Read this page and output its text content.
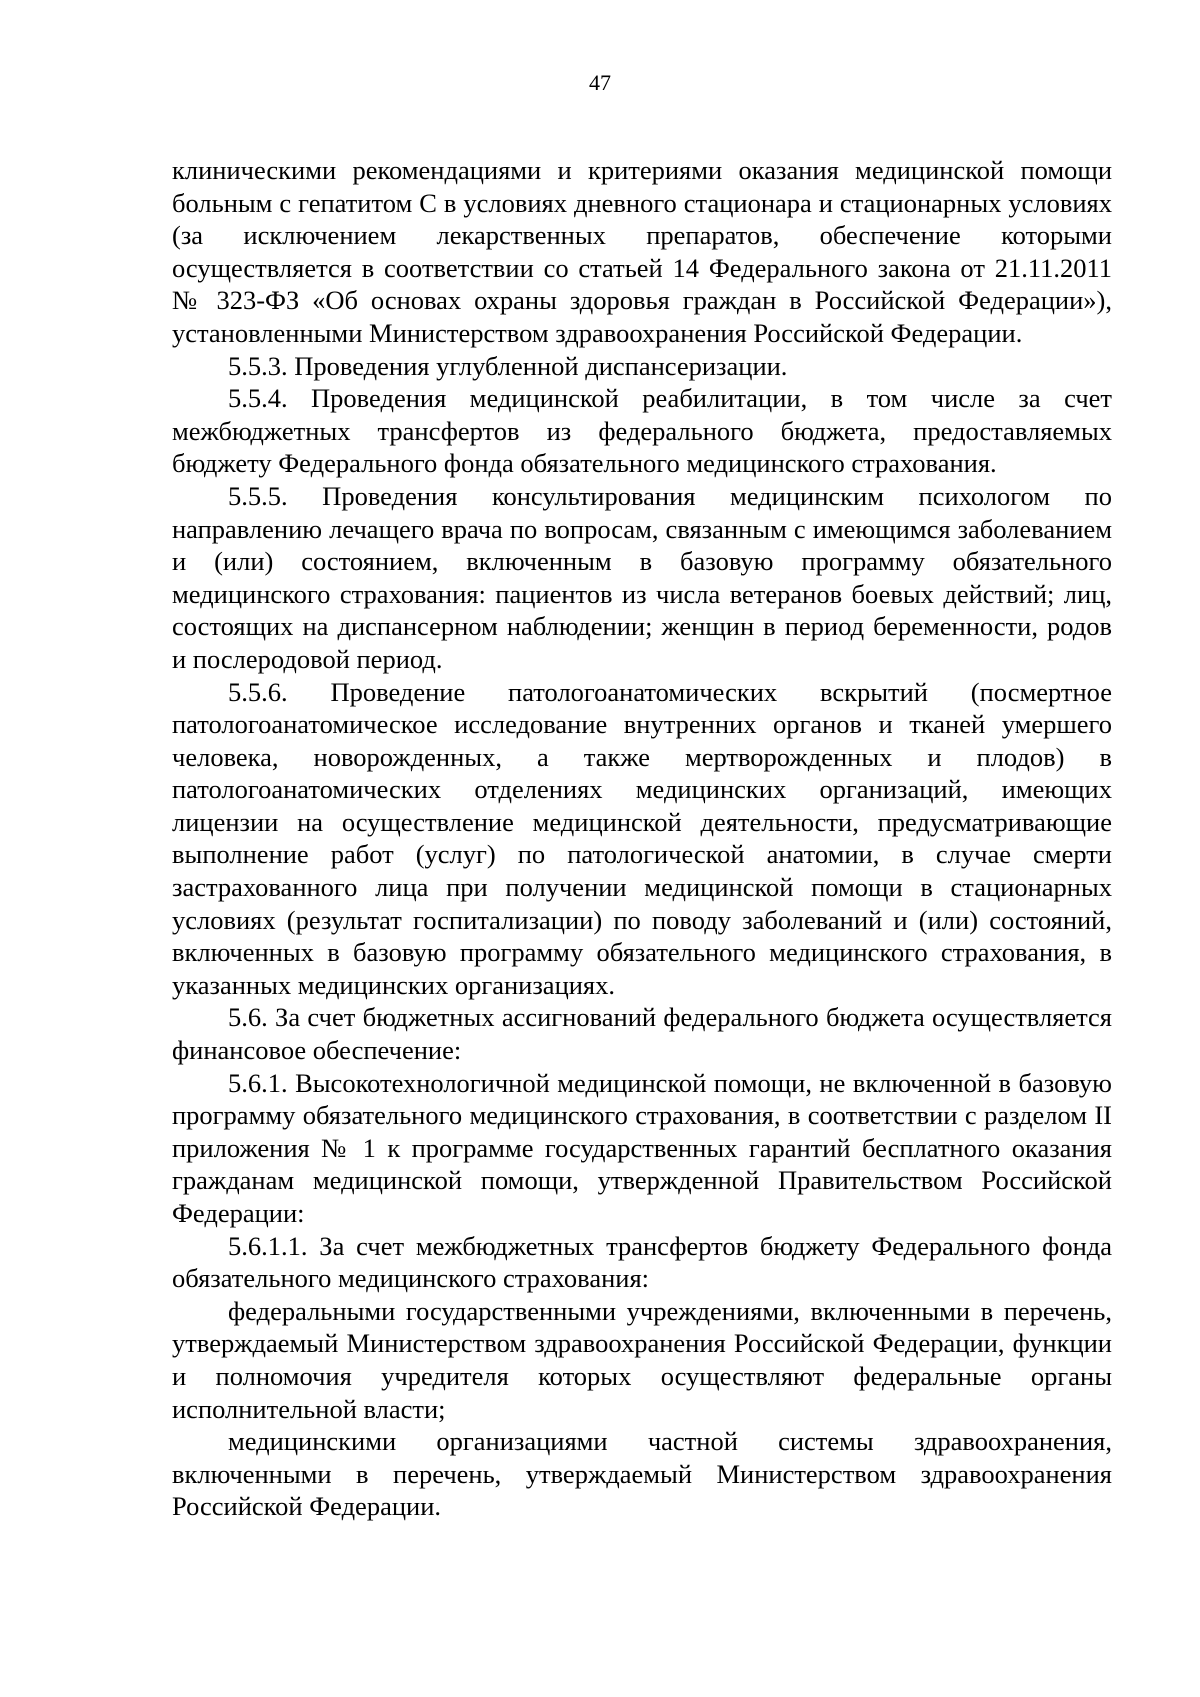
47

клиническими рекомендациями и критериями оказания медицинской помощи больным с гепатитом С в условиях дневного стационара и стационарных условиях (за исключением лекарственных препаратов, обеспечение которыми осуществляется в соответствии со статьей 14 Федерального закона от 21.11.2011 № 323-ФЗ «Об основах охраны здоровья граждан в Российской Федерации»), установленными Министерством здравоохранения Российской Федерации.

5.5.3. Проведения углубленной диспансеризации.

5.5.4. Проведения медицинской реабилитации, в том числе за счет межбюджетных трансфертов из федерального бюджета, предоставляемых бюджету Федерального фонда обязательного медицинского страхования.

5.5.5. Проведения консультирования медицинским психологом по направлению лечащего врача по вопросам, связанным с имеющимся заболеванием и (или) состоянием, включенным в базовую программу обязательного медицинского страхования: пациентов из числа ветеранов боевых действий; лиц, состоящих на диспансерном наблюдении; женщин в период беременности, родов и послеродовой период.

5.5.6. Проведение патологоанатомических вскрытий (посмертное патологоанатомическое исследование внутренних органов и тканей умершего человека, новорожденных, а также мертворожденных и плодов) в патологоанатомических отделениях медицинских организаций, имеющих лицензии на осуществление медицинской деятельности, предусматривающие выполнение работ (услуг) по патологической анатомии, в случае смерти застрахованного лица при получении медицинской помощи в стационарных условиях (результат госпитализации) по поводу заболеваний и (или) состояний, включенных в базовую программу обязательного медицинского страхования, в указанных медицинских организациях.

5.6. За счет бюджетных ассигнований федерального бюджета осуществляется финансовое обеспечение:

5.6.1. Высокотехнологичной медицинской помощи, не включенной в базовую программу обязательного медицинского страхования, в соответствии с разделом II приложения № 1 к программе государственных гарантий бесплатного оказания гражданам медицинской помощи, утвержденной Правительством Российской Федерации:

5.6.1.1. За счет межбюджетных трансфертов бюджету Федерального фонда обязательного медицинского страхования:

федеральными государственными учреждениями, включенными в перечень, утверждаемый Министерством здравоохранения Российской Федерации, функции и полномочия учредителя которых осуществляют федеральные органы исполнительной власти;

медицинскими организациями частной системы здравоохранения, включенными в перечень, утверждаемый Министерством здравоохранения Российской Федерации.
